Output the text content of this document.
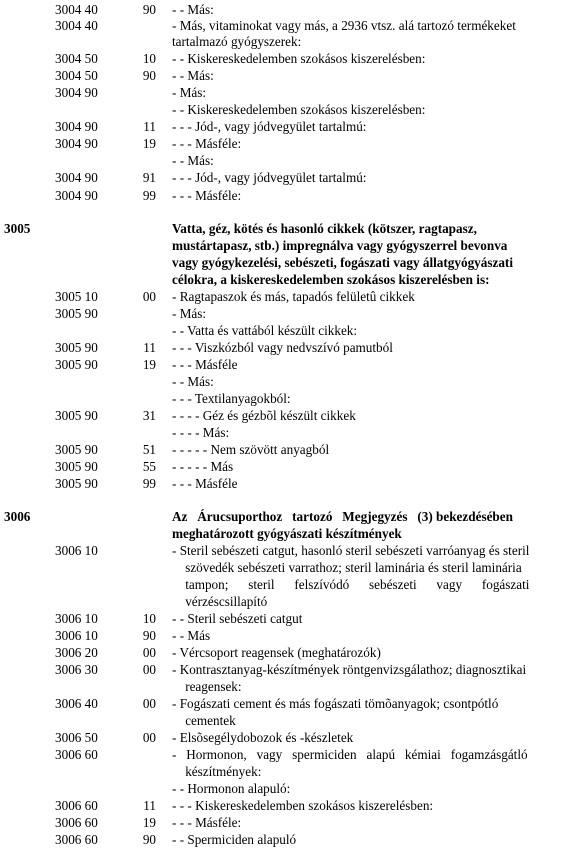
3004 40	90 - - Más:
3004 40	- Más, vitaminokat vagy más, a 2936 vtsz. alá tartozó termékeket
tartalmazó gyógyszerek:
3004 50	10 - - Kiskereskedelemben szokásos kiszerelésben:
3004 50	90 - - Más:
3004 90	- Más:
- - Kiskereskedelemben szokásos kiszerelésben:
3004 90	11 - - - Jód-, vagy jódvegyület tartalmú:
3004 90	19 - - - Másféle:
- - Más:
3004 90	91 - - - Jód-, vagy jódvegyület tartalmú:
3004 90	99 - - - Másféle:
3005	Vatta, géz, kötés és hasonló cikkek (kötszer, ragtapasz,
mustártapasz, stb.) impregnálva vagy gyógyszerrel bevonva
vagy gyógykezelési, sebészeti, fogászati vagy állatgyógyászati
célokra, a kiskereskedelemben szokásos kiszerelésben is:
3005 10	00 - Ragtapaszok és más, tapadós felületû cikkek
3005 90	- Más:
- - Vatta és vattából készült cikkek:
3005 90	11 - - - Viszkózból vagy nedvszívó pamutból
3005 90	19 - - - Másféle
- - Más:
- - - Textilanyagokból:
3005 90	31 - - - - Géz és gézbõl készült cikkek
- - - - Más:
3005 90	51 - - - - - Nem szövött anyagból
3005 90	55 - - - - - Más
3005 90	99 - - - Másféle
3006	Az   Árucsuporthoz   tartozó   Megjegyzés   (3) bekezdésében
meghatározott gyógyászati készítmények
3006 10	- Steril sebészeti catgut, hasonló steril sebészeti varróanyag és steril
szövedék sebészeti varrathoz; steril laminária és steril laminária
tampon;      steril      felszívódó      sebészeti      vagy      fogászati
vérzéscsillapító
3006 10	10 - - Steril sebészeti catgut
3006 10	90 - - Más
3006 20	00 - Vércsoport reagensek (meghatározók)
3006 30	00 - Kontrasztanyag-készítmények röntgenvizsgálathoz; diagnosztikai
reagensek:
3006 40	00 - Fogászati cement és más fogászati tömõanyagok; csontpótló
cementek
3006 50	00 - Elsõsegélydobozok és -készletek
3006 60	-   Hormonon,   vagy   spermiciden   alapú   kémiai   fogamzásgátló
készítmények:
- - Hormonon alapuló:
3006 60	11 - - - Kiskereskedelemben szokásos kiszerelésben:
3006 60	19 - - - Másféle:
3006 60	90 - - Spermiciden alapuló
